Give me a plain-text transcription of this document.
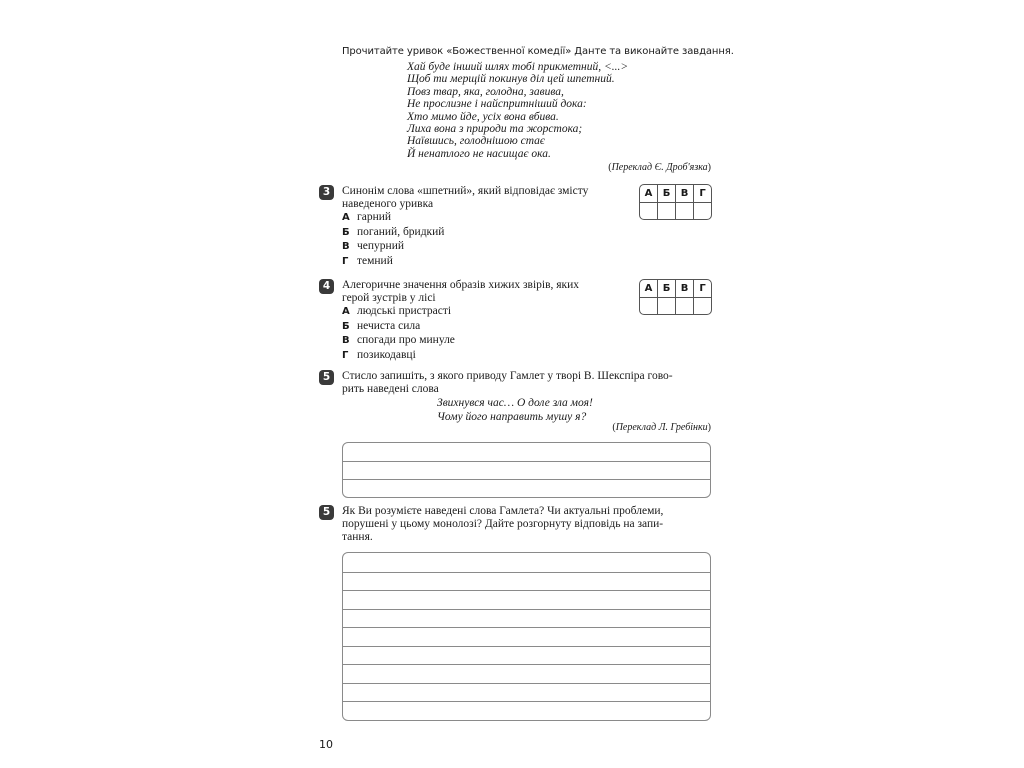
Прочитайте уривок «Божественної комедії» Данте та виконайте завдання.
Хай буде інший шлях тобі прикметний, <...>
Щоб ти мерщій покинув діл цей шпетний.
Повз твар, яка, голодна, завива,
Не прослизне і найспритніший дока:
Хто мимо йде, усіх вона вбива.
Лиха вона з природи та жорстока;
Наївшись, голоднішою стає
Й ненатлого не насищає ока.
(Переклад Є. Дроб'язка)
3	Синонім слова «шпетний», який відповідає змісту
наведеного уривка
А гарний
Б поганий, бридкий
В чепурний
Г темний
А	Б	В	Г

4	Алегоричне значення образів хижих звірів, яких
герой зустрів у лісі
А людські пристрасті
Б нечиста сила
В спогади про минуле
Г позикодавці
А	Б	В	Г

5	Стисло запишіть, з якого приводу Гамлет у творі В. Шекспіра гово-
рить наведені слова
Звихнувся час… О доле зла моя!
Чому його направить мушу я?
(Переклад Л. Гребінки)
5	Як Ви розумієте наведені слова Гамлета? Чи актуальні проблеми,
порушені у цьому монолозі? Дайте розгорнуту відповідь на запи-
тання.
10
